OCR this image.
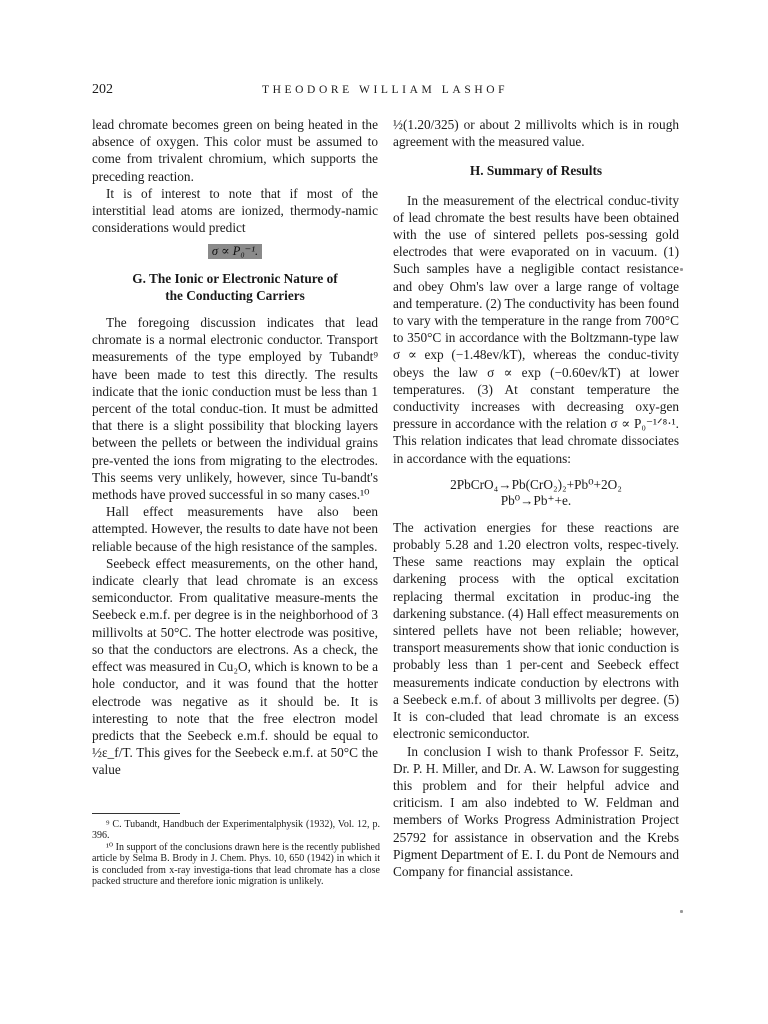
202	THEODORE WILLIAM LASHOF

lead chromate becomes green on being heated in the absence of oxygen. This color must be assumed to come from trivalent chromium, which supports the preceding reaction.

It is of interest to note that if most of the interstitial lead atoms are ionized, thermody-namic considerations would predict

σ ∝ P₀⁻¹.

G. The Ionic or Electronic Nature of

the Conducting Carriers

The foregoing discussion indicates that lead chromate is a normal electronic conductor. Transport measurements of the type employed by Tubandt⁹ have been made to test this directly. The results indicate that the ionic conduction must be less than 1 percent of the total conduc-tion. It must be admitted that there is a slight possibility that blocking layers between the pellets or between the individual grains pre-vented the ions from migrating to the electrodes. This seems very unlikely, however, since Tu-bandt's methods have proved successful in so many cases.¹⁰

Hall effect measurements have also been attempted. However, the results to date have not been reliable because of the high resistance of the samples.

Seebeck effect measurements, on the other hand, indicate clearly that lead chromate is an excess semiconductor. From qualitative measure-ments the Seebeck e.m.f. per degree is in the neighborhood of 3 millivolts at 50°C. The hotter electrode was positive, so that the conductors are electrons. As a check, the effect was measured in Cu₂O, which is known to be a hole conductor, and it was found that the hotter electrode was negative as it should be. It is interesting to note that the free electron model predicts that the Seebeck e.m.f. should be equal to ½ε_f/T. This gives for the Seebeck e.m.f. at 50°C the value

⁹ C. Tubandt, Handbuch der Experimentalphysik (1932), Vol. 12, p. 396.

¹⁰ In support of the conclusions drawn here is the recently published article by Selma B. Brody in J. Chem. Phys. 10, 650 (1942) in which it is concluded from x-ray investiga-tions that lead chromate has a close packed structure and therefore ionic migration is unlikely.

½(1.20/325) or about 2 millivolts which is in rough agreement with the measured value.

H. Summary of Results

In the measurement of the electrical conduc-tivity of lead chromate the best results have been obtained with the use of sintered pellets pos-sessing gold electrodes that were evaporated on in vacuum. (1) Such samples have a negligible contact resistance and obey Ohm's law over a large range of voltage and temperature. (2) The conductivity has been found to vary with the temperature in the range from 700°C to 350°C in accordance with the Boltzmann-type law σ ∝ exp (−1.48ev/kT), whereas the conduc-tivity obeys the law σ ∝ exp (−0.60ev/kT) at lower temperatures. (3) At constant temperature the conductivity increases with decreasing oxy-gen pressure in accordance with the relation σ ∝ P₀⁻¹ᐟ⁸·¹. This relation indicates that lead chromate dissociates in accordance with the equations:

2PbCrO₄→Pb(CrO₂)₂+Pb⁰+2O₂

Pb⁰→Pb⁺+e.

The activation energies for these reactions are probably 5.28 and 1.20 electron volts, respec-tively. These same reactions may explain the optical darkening process with the optical excitation replacing thermal excitation in produc-ing the darkening substance. (4) Hall effect measurements on sintered pellets have not been reliable; however, transport measurements show that ionic conduction is probably less than 1 per-cent and Seebeck effect measurements indicate conduction by electrons with a Seebeck e.m.f. of about 3 millivolts per degree. (5) It is con-cluded that lead chromate is an excess electronic semiconductor.

In conclusion I wish to thank Professor F. Seitz, Dr. P. H. Miller, and Dr. A. W. Lawson for suggesting this problem and for their helpful advice and criticism. I am also indebted to W. Feldman and members of Works Progress Administration Project 25792 for assistance in observation and the Krebs Pigment Department of E. I. du Pont de Nemours and Company for financial assistance.
